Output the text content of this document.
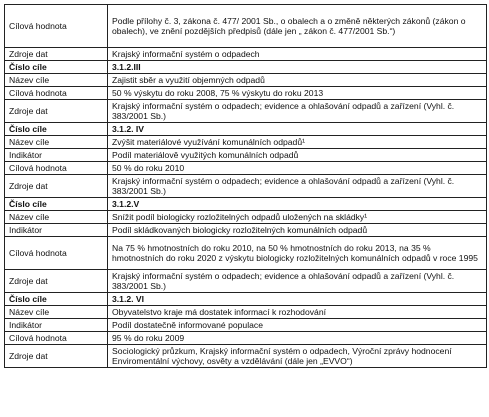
Cílová hodnota	Podle přílohy č. 3, zákona č. 477/ 2001 Sb., o obalech a o změně některých zákonů (zákon o obalech), ve znění pozdějších předpisů (dále jen „ zákon č. 477/2001 Sb.“)
Zdroje dat	Krajský informační systém o odpadech
Číslo cíle	3.1.2.III
Název cíle	Zajistit sběr a využití objemných odpadů
Cílová hodnota	50 % výskytu do roku 2008, 75 % výskytu do roku 2013
Zdroje dat	Krajský informační systém o odpadech; evidence a ohlašování odpadů a zařízení (Vyhl. č. 383/2001 Sb.)
Číslo cíle	3.1.2. IV
Název cíle	Zvýšit materiálové využívání komunálních odpadů¹
Indikátor	Podíl materiálově využitých komunálních odpadů
Cílová hodnota	50 % do roku 2010
Zdroje dat	Krajský informační systém o odpadech; evidence a ohlašování odpadů a zařízení (Vyhl. č. 383/2001 Sb.)
Číslo cíle	3.1.2.V
Název cíle	Snížit podíl biologicky rozložitelných odpadů uložených na skládky¹
Indikátor	Podíl skládkovaných biologicky rozložitelných komunálních odpadů
Cílová hodnota	Na 75 % hmotnostních do roku 2010, na 50 % hmotnostních do roku 2013, na 35 % hmotnostních do roku 2020 z výskytu biologicky rozložitelných komunálních odpadů v roce 1995
Zdroje dat	Krajský informační systém o odpadech; evidence a ohlašování odpadů a zařízení (Vyhl. č. 383/2001 Sb.)
Číslo cíle	3.1.2. VI
Název cíle	Obyvatelstvo kraje má dostatek informací k rozhodování
Indikátor	Podíl dostatečně informované populace
Cílová hodnota	95 % do roku 2009
Zdroje dat	Sociologický průzkum, Krajský informační systém o odpadech, Výroční zprávy hodnocení Enviromentální výchovy, osvěty a vzdělávání (dále jen „EVVO“)
